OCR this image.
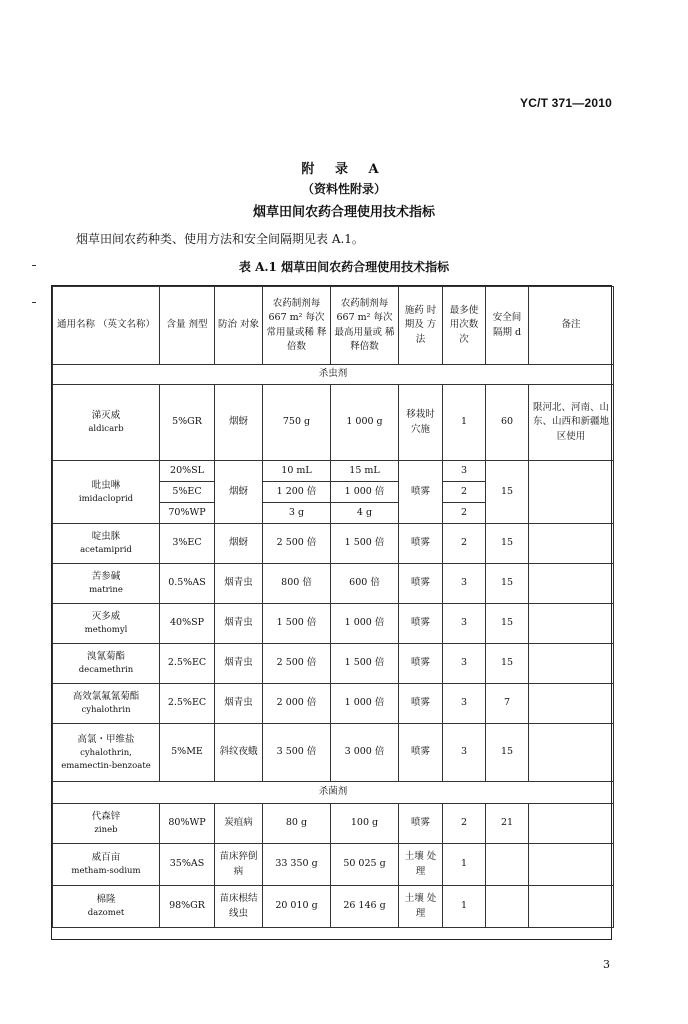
YC/T 371—2010
附 录 A
（资料性附录）
烟草田间农药合理使用技术指标
烟草田间农药种类、使用方法和安全间隔期见表 A.1。
表 A.1 烟草田间农药合理使用技术指标
通用名称 （英文名称）	含量 剂型	防治 对象	农药制剂每 667 m² 每次 常用量或稀 释倍数	农药制剂每 667 m² 每次 最高用量或 稀释倍数	施药 时期及 方法	最多使 用次数 次	安全间 隔期 d	备注
杀虫剂								

涕灭威
aldicarb	5%GR	烟蚜	750 g	1 000 g	移栽时 穴施	1	60	限河北、河南、山东、山西和新疆地区使用

吡虫啉
imidacloprid	20%SL	烟蚜	10 mL	15 mL	喷雾	3	15	
	5%EC		1 200 倍	1 000 倍		2		
	70%WP		3 g	4 g		2		

啶虫脒
acetamiprid	3%EC	烟蚜	2 500 倍	1 500 倍	喷雾	2	15	

苦参碱
matrine	0.5%AS	烟青虫	800 倍	600 倍	喷雾	3	15	

灭多威
methomyl	40%SP	烟青虫	1 500 倍	1 000 倍	喷雾	3	15	

溴氰菊酯
decamethrin	2.5%EC	烟青虫	2 500 倍	1 500 倍	喷雾	3	15	

高效氯氟氰菊酯
cyhalothrin	2.5%EC	烟青虫	2 000 倍	1 000 倍	喷雾	3	7	

高氯・甲维盐
cyhalothrin,
emamectin-benzoate	5%ME	斜纹夜蛾	3 500 倍	3 000 倍	喷雾	3	15	
杀菌剂								

代森锌
zineb	80%WP	炭疽病	80 g	100 g	喷雾	2	21	

威百亩
metham-sodium	35%AS	苗床猝倒病	33 350 g	50 025 g	土壤 处理	1		

棉隆
dazomet	98%GR	苗床根结线虫	20 010 g	26 146 g	土壤 处理	1		
3
